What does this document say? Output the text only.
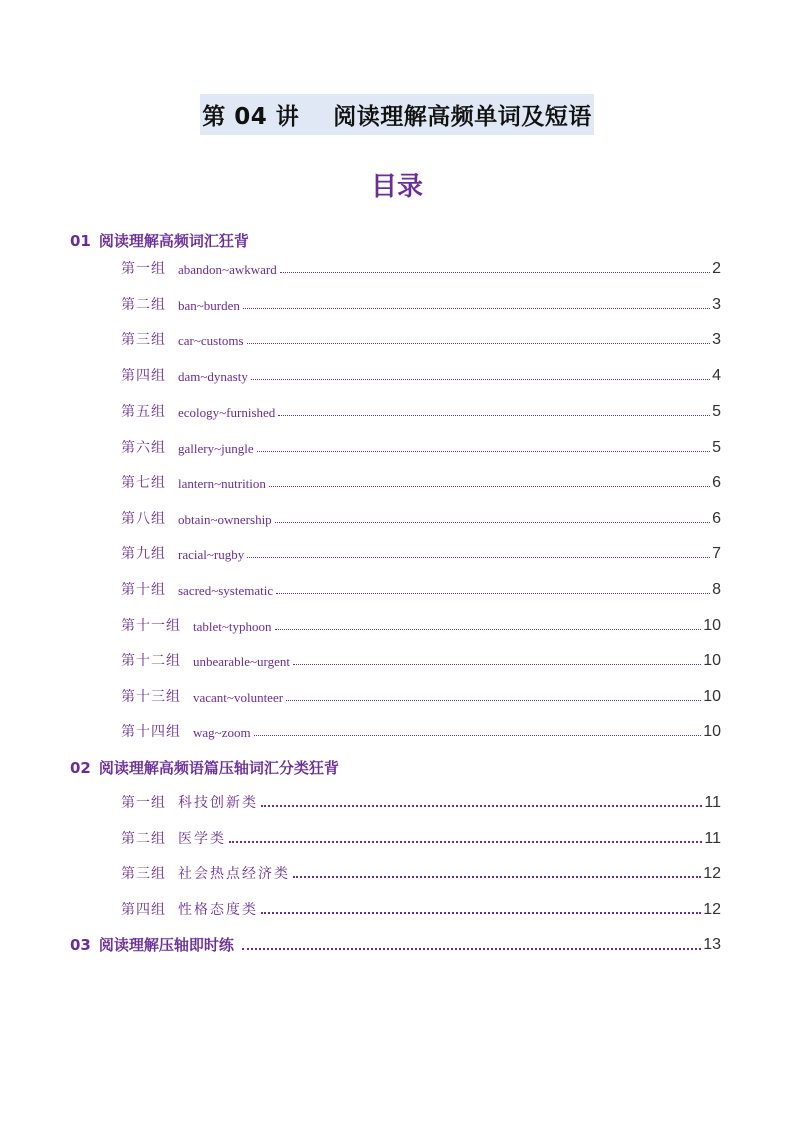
第 04 讲 阅读理解高频单词及短语
目录
01 阅读理解高频词汇狂背
第一组 abandon~awkward	2
第二组 ban~burden	3
第三组 car~customs	3
第四组 dam~dynasty	4
第五组 ecology~furnished	5
第六组 gallery~jungle	5
第七组 lantern~nutrition	6
第八组 obtain~ownership	6
第九组 racial~rugby	7
第十组 sacred~systematic	8
第十一组 tablet~typhoon	10
第十二组 unbearable~urgent	10
第十三组 vacant~volunteer	10
第十四组 wag~zoom	10
02 阅读理解高频语篇压轴词汇分类狂背
第一组 科技创新类	11
第二组 医学类	11
第三组 社会热点经济类	12
第四组 性格态度类	12
03 阅读理解压轴即时练	13
